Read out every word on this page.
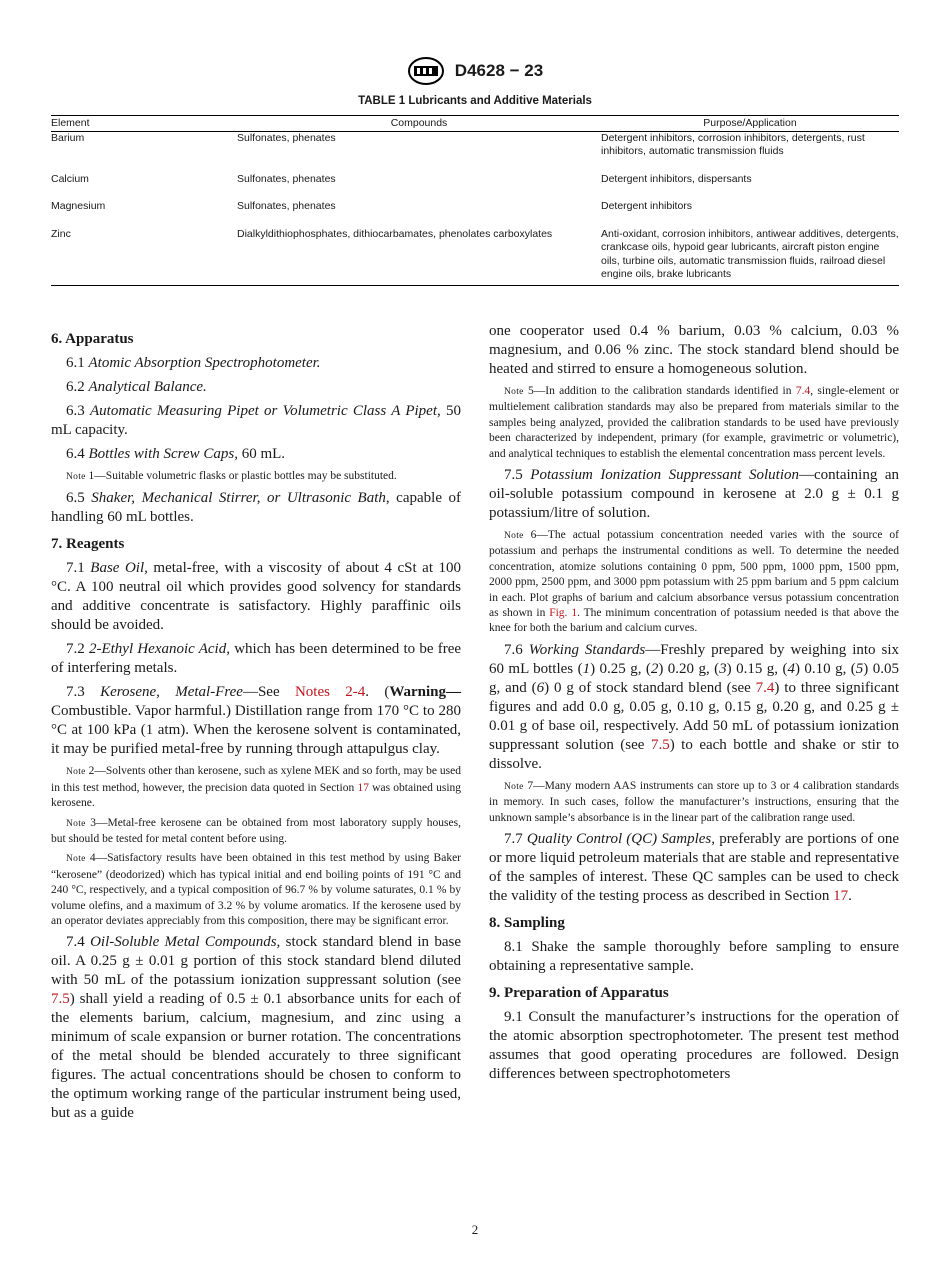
D4628 − 23
TABLE 1 Lubricants and Additive Materials
Element	Compounds	Purpose/Application
Barium	Sulfonates, phenates	Detergent inhibitors, corrosion inhibitors, detergents, rust inhibitors, automatic transmission fluids
Calcium	Sulfonates, phenates	Detergent inhibitors, dispersants
Magnesium	Sulfonates, phenates	Detergent inhibitors
Zinc	Dialkyldithiophosphates, dithiocarbamates, phenolates carboxylates	Anti-oxidant, corrosion inhibitors, antiwear additives, detergents, crankcase oils, hypoid gear lubricants, aircraft piston engine oils, turbine oils, automatic transmission fluids, railroad diesel engine oils, brake lubricants
6. Apparatus

6.1 Atomic Absorption Spectrophotometer.

6.2 Analytical Balance.

6.3 Automatic Measuring Pipet or Volumetric Class A Pipet, 50 mL capacity.

6.4 Bottles with Screw Caps, 60 mL.

Note 1—Suitable volumetric flasks or plastic bottles may be substituted.

6.5 Shaker, Mechanical Stirrer, or Ultrasonic Bath, capable of handling 60 mL bottles.

7. Reagents

7.1 Base Oil, metal-free, with a viscosity of about 4 cSt at 100 °C. A 100 neutral oil which provides good solvency for standards and additive concentrate is satisfactory. Highly paraffinic oils should be avoided.

7.2 2-Ethyl Hexanoic Acid, which has been determined to be free of interfering metals.

7.3 Kerosene, Metal-Free—See Notes 2-4. (Warning— Combustible. Vapor harmful.) Distillation range from 170 °C to 280 °C at 100 kPa (1 atm). When the kerosene solvent is contaminated, it may be purified metal-free by running through attapulgus clay.

Note 2—Solvents other than kerosene, such as xylene MEK and so forth, may be used in this test method, however, the precision data quoted in Section 17 was obtained using kerosene.
Note 3—Metal-free kerosene can be obtained from most laboratory supply houses, but should be tested for metal content before using.
Note 4—Satisfactory results have been obtained in this test method by using Baker “kerosene” (deodorized) which has typical initial and end boiling points of 191 °C and 240 °C, respectively, and a typical composition of 96.7 % by volume saturates, 0.1 % by volume olefins, and a maximum of 3.2 % by volume aromatics. If the kerosene used by an operator deviates appreciably from this composition, there may be significant error.

7.4 Oil-Soluble Metal Compounds, stock standard blend in base oil. A 0.25 g ± 0.01 g portion of this stock standard blend diluted with 50 mL of the potassium ionization suppressant solution (see 7.5) shall yield a reading of 0.5 ± 0.1 absorbance units for each of the elements barium, calcium, magnesium, and zinc using a minimum of scale expansion or burner rotation. The concentrations of the metal should be blended accurately to three significant figures. The actual concentrations should be chosen to conform to the optimum working range of the particular instrument being used, but as a guide

one cooperator used 0.4 % barium, 0.03 % calcium, 0.03 % magnesium, and 0.06 % zinc. The stock standard blend should be heated and stirred to ensure a homogeneous solution.

Note 5—In addition to the calibration standards identified in 7.4, single-element or multielement calibration standards may also be prepared from materials similar to the samples being analyzed, provided the calibration standards to be used have previously been characterized by independent, primary (for example, gravimetric or volumetric), and analytical techniques to establish the elemental concentration mass percent levels.

7.5 Potassium Ionization Suppressant Solution—containing an oil-soluble potassium compound in kerosene at 2.0 g ± 0.1 g potassium/litre of solution.

Note 6—The actual potassium concentration needed varies with the source of potassium and perhaps the instrumental conditions as well. To determine the needed concentration, atomize solutions containing 0 ppm, 500 ppm, 1000 ppm, 1500 ppm, 2000 ppm, 2500 ppm, and 3000 ppm potassium with 25 ppm barium and 5 ppm calcium in each. Plot graphs of barium and calcium absorbance versus potassium concentration as shown in Fig. 1. The minimum concentration of potassium needed is that above the knee for both the barium and calcium curves.

7.6 Working Standards—Freshly prepared by weighing into six 60 mL bottles (1) 0.25 g, (2) 0.20 g, (3) 0.15 g, (4) 0.10 g, (5) 0.05 g, and (6) 0 g of stock standard blend (see 7.4) to three significant figures and add 0.0 g, 0.05 g, 0.10 g, 0.15 g, 0.20 g, and 0.25 g ± 0.01 g of base oil, respectively. Add 50 mL of potassium ionization suppressant solution (see 7.5) to each bottle and shake or stir to dissolve.

Note 7—Many modern AAS instruments can store up to 3 or 4 calibration standards in memory. In such cases, follow the manufacturer’s instructions, ensuring that the unknown sample’s absorbance is in the linear part of the calibration range used.

7.7 Quality Control (QC) Samples, preferably are portions of one or more liquid petroleum materials that are stable and representative of the samples of interest. These QC samples can be used to check the validity of the testing process as described in Section 17.

8. Sampling

8.1 Shake the sample thoroughly before sampling to ensure obtaining a representative sample.

9. Preparation of Apparatus

9.1 Consult the manufacturer’s instructions for the operation of the atomic absorption spectrophotometer. The present test method assumes that good operating procedures are followed. Design differences between spectrophotometers

2
